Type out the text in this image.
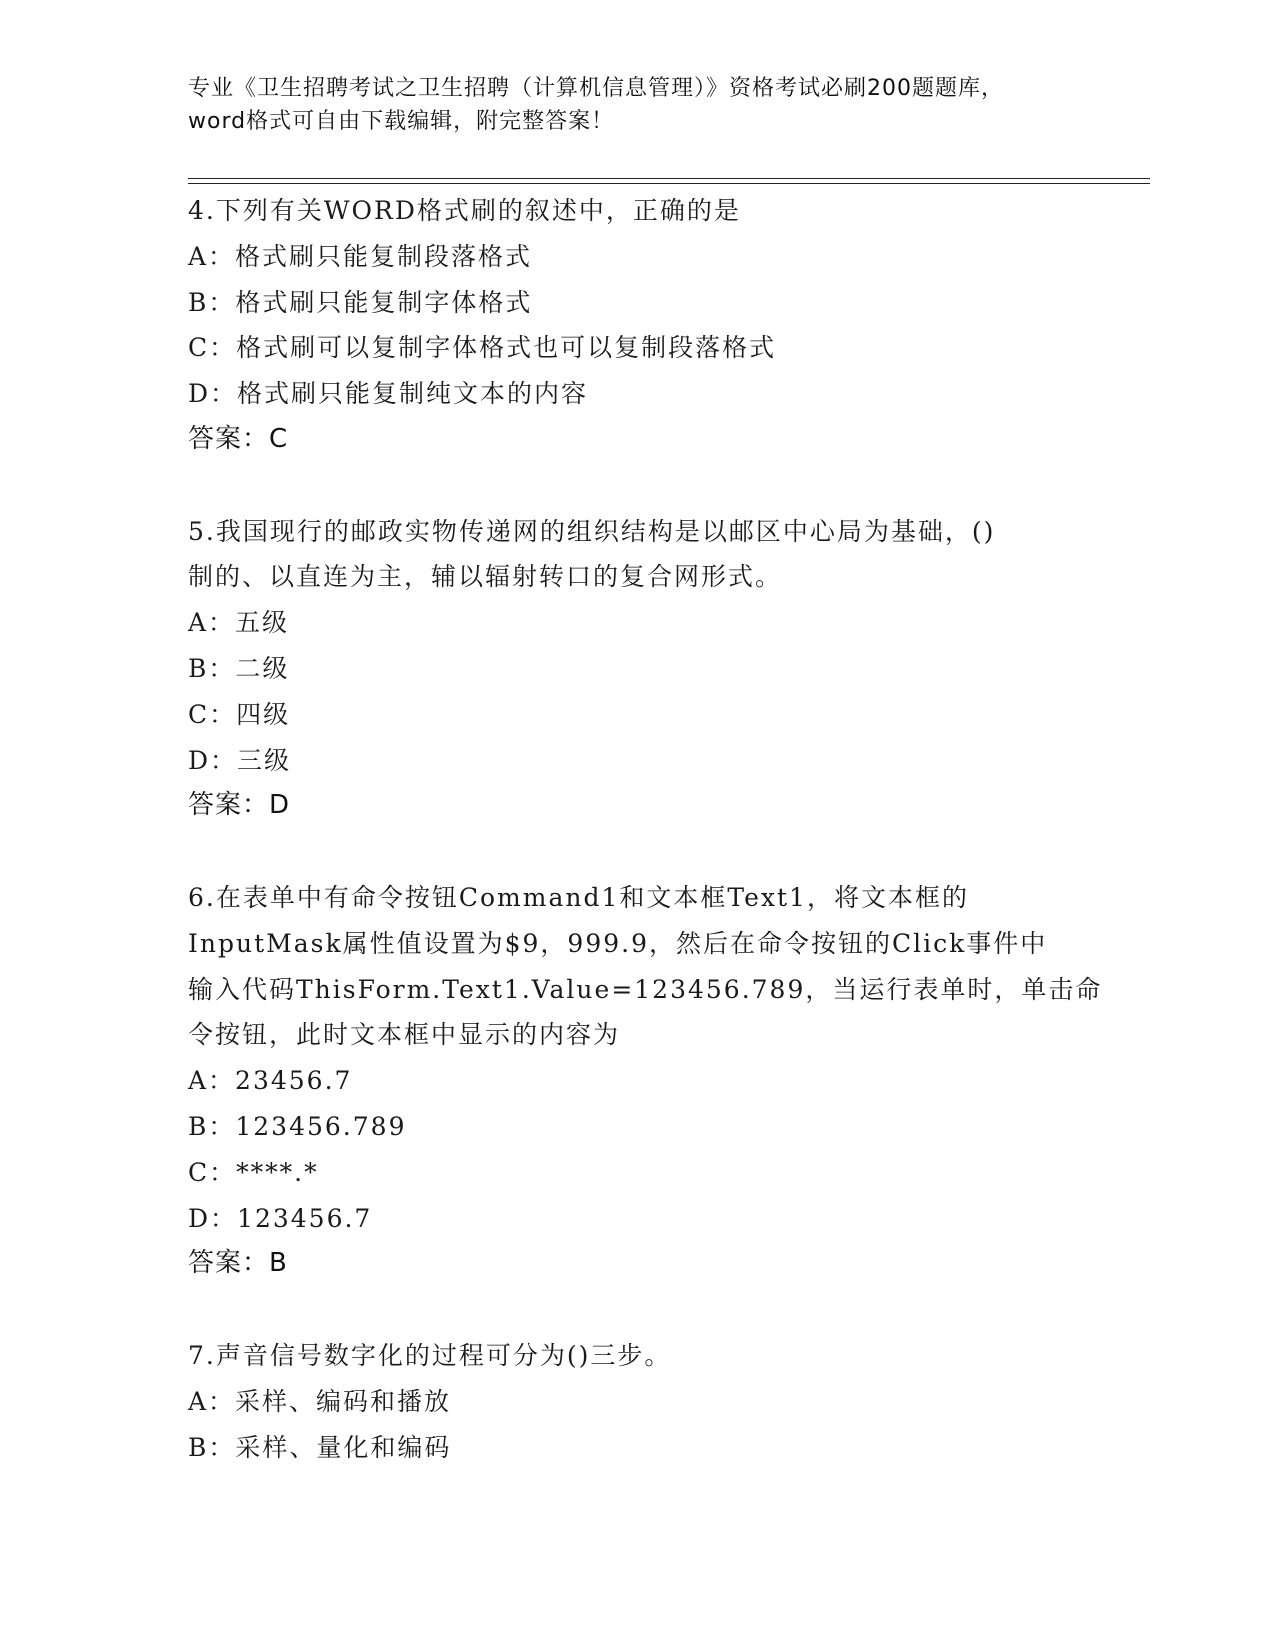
专业《卫生招聘考试之卫生招聘（计算机信息管理）》资格考试必刷200题题库，
word格式可自由下载编辑，附完整答案！
4.下列有关WORD格式刷的叙述中，正确的是
A：格式刷只能复制段落格式
B：格式刷只能复制字体格式
C：格式刷可以复制字体格式也可以复制段落格式
D：格式刷只能复制纯文本的内容
答案：C
5.我国现行的邮政实物传递网的组织结构是以邮区中心局为基础，()
制的、以直连为主，辅以辐射转口的复合网形式。
A：五级
B：二级
C：四级
D：三级
答案：D
6.在表单中有命令按钮Command1和文本框Text1，将文本框的
InputMask属性值设置为$9，999.9，然后在命令按钮的Click事件中
输入代码ThisForm.Text1.Value=123456.789，当运行表单时，单击命
令按钮，此时文本框中显示的内容为
A：23456.7
B：123456.789
C：****.*
D：123456.7
答案：B
7.声音信号数字化的过程可分为()三步。
A：采样、编码和播放
B：采样、量化和编码
